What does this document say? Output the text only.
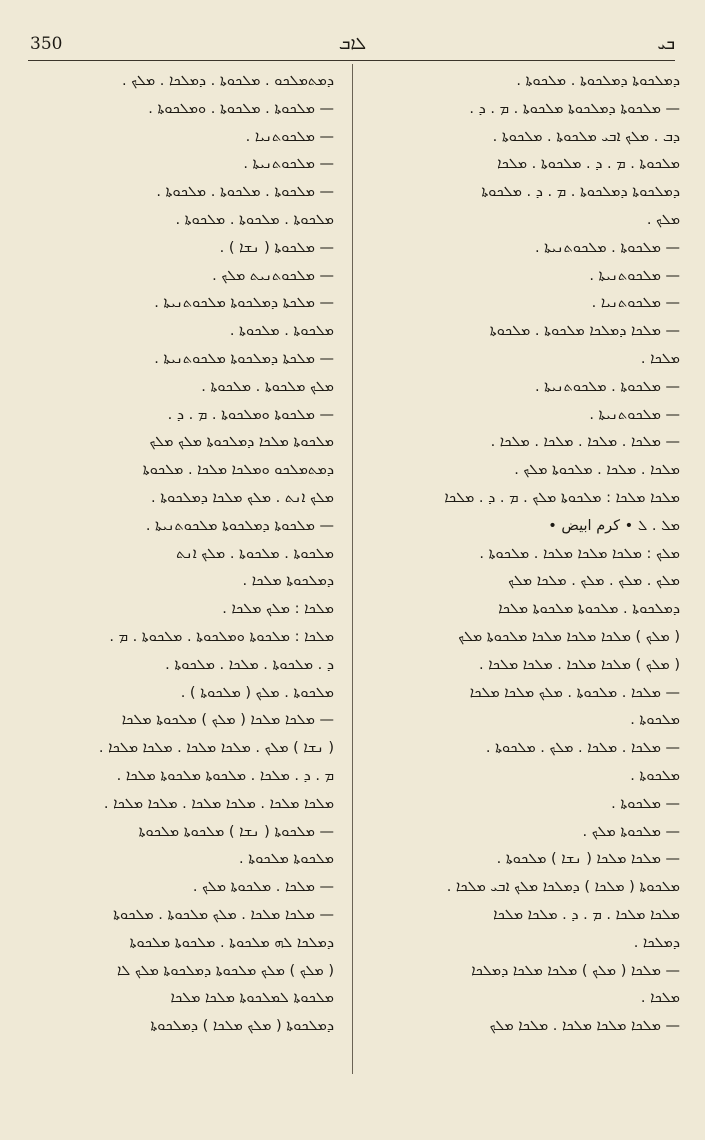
350	ܠܐܒ	ܒܝ
ܕܡܬܡܠܟܘ . ܡܠܟܘܬܐ . ܕܡܠܟܐ . ܡܠܟ .
— ܡܠܟܘܬܐ . ܡܠܟܘܬܐ . ܘܡܠܟܘܬܐ .
— ܡܠܟܘܬܢܝܐ .
— ܡܠܟܘܬܢܝܬܐ .
— ܡܠܟܘܬܐ . ܡܠܟܘܬܐ . ܡܠܟܘܬܐ .
ܡܠܟܘܬܐ . ܡܠܟܘܬܐ . ܡܠܟܘܬܐ .
— ܡܠܟܘܬܐ ( ܢܫܐ ) .
— ܡܠܟܘܬܢܝܬ ܡܠܟ .
— ܡܠܟܬܐ ܕܡܠܟܘܬܐ ܡܠܟܘܬܢܝܬܐ .
ܡܠܟܘܬܐ . ܡܠܟܘܬܐ .
— ܡܠܟܬܐ ܕܡܠܟܘܬܐ ܡܠܟܘܬܢܝܬܐ .
ܡܠܟ ܡܠܟܘܬܐ . ܡܠܟܘܬܐ .
— ܡܠܟܘܬܐ ܘܡܠܟܘܬܐ . ܡ . ܕ .
ܡܠܟܘܬܐ ܡܠܟܐ ܕܡܠܟܘܬܐ ܡܠܟ ܡܠܟ
ܕܡܬܡܠܟܘ ܘܡܠܟܐ ܡܠܟܐ . ܡܠܟܘܬܐ
ܡܠܟ ܐܢܬ . ܡܠܟ ܡܠܟܐ ܕܡܠܟܘܬܐ .
— ܡܠܟܘܬܐ ܕܡܠܟܘܬܐ ܡܠܟܘܬܢܝܬܐ .
ܡܠܟܘܬܐ . ܡܠܟܘܬܐ . ܡܠܟ ܐܢܬ
ܕܡܠܟܘܬܐ ܡܠܟܐ .
ܡܠܟܐ : ܡܠܟ ܡܠܟܐ .
ܡܠܟܐ : ܡܠܟܘܬܐ ܘܡܠܟܘܬܐ . ܡܠܟܘܬܐ . ܡ .
ܕ . ܡܠܟܘܬܐ . ܡܠܟܐ . ܡܠܟܘܬܐ .
ܡܠܟܘܬܐ . ܡܠܟ ( ܡܠܟܘܬܐ ) .
— ܡܠܟܐ ܡܠܟܐ ( ܡܠܟ ) ܡܠܟܘܬܐ ܡܠܟܐ
( ܢܫܐ ) ܡܠܟ . ܡܠܟܐ ܡܠܟܐ . ܡܠܟܐ ܡܠܟܐ .
ܡ . ܕ . ܡܠܟܐ . ܡܠܟܘܬܐ ܡܠܟܘܬܐ ܡܠܟܐ .
ܡܠܟܐ ܡܠܟܐ . ܡܠܟܐ ܡܠܟܐ . ܡܠܟܐ ܡܠܟܐ .
— ܡܠܟܘܬܐ ( ܢܫܐ ) ܡܠܟܘܬܐ ܡܠܟܘܬܐ
ܡܠܟܘܬܐ ܡܠܟܘܬܐ .
— ܡܠܟܐ . ܡܠܟܘܬܐ ܡܠܟ .
— ܡܠܟܐ ܡܠܟܐ . ܡܠܟ ܡܠܟܘܬܐ . ܡܠܟܘܬܐ
ܕܡܠܟܐ ܠܗ ܡܠܟܘܬܐ . ܡܠܟܘܬܐ ܡܠܟܘܬܐ
( ܡܠܟ ) ܡܠܟ ܡܠܟܘܬܐ ܕܡܠܟܘܬܐ ܡܠܟ ܠܐ
ܡܠܟܘܬܐ ܠܡܠܟܘܬܐ ܡܠܟܐ ܡܠܟܐ
ܕܡܠܟܘܬܐ ( ܡܠܟ ܡܠܟܐ ) ܕܡܠܟܘܬܐ
ܕܡܠܟܘܬܐ ܕܡܠܟܘܬܐ . ܡܠܟܘܬܐ .
— ܡܠܟܘܬܐ ܕܡܠܟܘܬܐ ܡܠܟܘܬܐ . ܡ . ܕ .
ܕܒ . ܡܠܟ ܐܒܝ ܡܠܟܘܬܐ . ܡܠܟܘܬܐ .
ܡܠܟܘܬܐ . ܡ . ܕ . ܡܠܟܘܬܐ . ܡܠܟܐ
ܕܡܠܟܘܬܐ ܕܡܠܟܘܬܐ . ܡ . ܕ . ܡܠܟܘܬܐ
ܡܠܟ .
— ܡܠܟܘܬܐ . ܡܠܟܘܬܢܝܬܐ .
— ܡܠܟܘܬܢܝܬܐ .
— ܡܠܟܘܬܢܝܐ .
— ܡܠܟܐ ܕܡܠܟܐ ܡܠܟܘܬܐ . ܡܠܟܘܬܐ
ܡܠܟܐ .
— ܡܠܟܘܬܐ . ܡܠܟܘܬܢܝܬܐ .
— ܡܠܟܘܬܢܝܬܐ .
— ܡܠܟܐ . ܡܠܟܐ . ܡܠܟܐ . ܡܠܟܐ .
ܡܠܟܐ . ܡܠܟܐ . ܡܠܟܘܬܐ ܡܠܟ .
ܡܠܟܐ ܡܠܟܐ : ܡܠܟܘܬܐ ܡܠܟ . ܡ . ܕ . ܡܠܟܐ
ܡܠ . ܠ • كرم ابيض •
ܡܠܟ : ܡܠܟܐ ܡܠܟܐ ܡܠܟܐ . ܡܠܟܘܬܐ .
ܡܠܟ . ܡܠܟ . ܡܠܟ . ܡܠܟܐ ܡܠܟ
ܕܡܠܟܘܬܐ . ܡܠܟܘܬܐ ܡܠܟܘܬܐ ܡܠܟܐ
( ܡܠܟ ) ܡܠܟܐ ܡܠܟܐ ܡܠܟܐ ܡܠܟܘܬܐ ܡܠܟ
( ܡܠܟ ) ܡܠܟܐ ܡܠܟܐ . ܡܠܟܐ ܡܠܟܐ .
— ܡܠܟܐ . ܡܠܟܘܬܐ . ܡܠܟ ܡܠܟܐ ܡܠܟܐ
ܡܠܟܘܬܐ .
— ܡܠܟܐ . ܡܠܟܐ . ܡܠܟ . ܡܠܟܘܬܐ .
ܡܠܟܘܬܐ .
— ܡܠܟܘܬܐ .
— ܡܠܟܘܬܐ ܡܠܟ .
— ܡܠܟܐ ܡܠܟܐ ( ܢܫܐ ) ܡܠܟܘܬܐ .
ܡܠܟܘܬܐ ( ܡܠܟܐ ) ܕܡܠܟܐ ܡܠܟ ܐܒܝ ܡܠܟܐ .
ܡܠܟܐ ܡܠܟܐ . ܡ . ܕ . ܡܠܟܐ ܡܠܟܐ
ܕܡܠܟܐ .
— ܡܠܟܐ ( ܡܠܟ ) ܡܠܟܐ ܡܠܟܐ ܕܡܠܟܐ
ܡܠܟܐ .
— ܡܠܟܐ ܡܠܟܐ ܡܠܟܐ . ܡܠܟܐ ܡܠܟ
